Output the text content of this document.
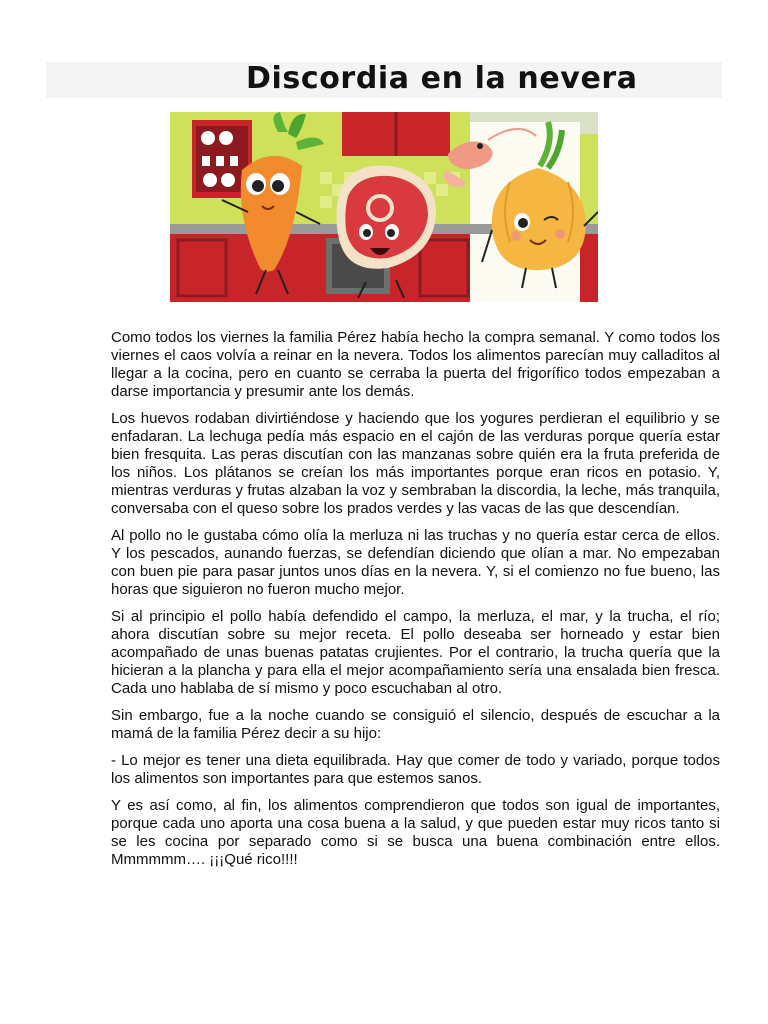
Discordia en la nevera

Como todos los viernes la familia Pérez había hecho la compra semanal. Y como todos los viernes el caos volvía a reinar en la nevera. Todos los alimentos parecían muy calladitos al llegar a la cocina, pero en cuanto se cerraba la puerta del frigorífico todos empezaban a darse importancia y presumir ante los demás.

Los huevos rodaban divirtiéndose y haciendo que los yogures perdieran el equilibrio y se enfadaran. La lechuga pedía más espacio en el cajón de las verduras porque quería estar bien fresquita. Las peras discutían con las manzanas sobre quién era la fruta preferida de los niños. Los plátanos se creían los más importantes porque eran ricos en potasio. Y, mientras verduras y frutas alzaban la voz y sembraban la discordia, la leche, más tranquila, conversaba con el queso sobre los prados verdes y las vacas de las que descendían.

Al pollo no le gustaba cómo olía la merluza ni las truchas y no quería estar cerca de ellos. Y los pescados, aunando fuerzas, se defendían diciendo que olían a mar. No empezaban con buen pie para pasar juntos unos días en la nevera. Y, si el comienzo no fue bueno, las horas que siguieron no fueron mucho mejor.

Si al principio el pollo había defendido el campo, la merluza, el mar, y la trucha, el río; ahora discutían sobre su mejor receta. El pollo deseaba ser horneado y estar bien acompañado de unas buenas patatas crujientes. Por el contrario, la trucha quería que la hicieran a la plancha y para ella el mejor acompañamiento sería una ensalada bien fresca. Cada uno hablaba de sí mismo y poco escuchaban al otro.

Sin embargo, fue a la noche cuando se consiguió el silencio, después de escuchar a la mamá de la familia Pérez decir a su hijo:

- Lo mejor es tener una dieta equilibrada. Hay que comer de todo y variado, porque todos los alimentos son importantes para que estemos sanos.

Y es así como, al fin, los alimentos comprendieron que todos son igual de importantes, porque cada uno aporta una cosa buena a la salud, y que pueden estar muy ricos tanto si se les cocina por separado como si se busca una buena combinación entre ellos. Mmmmmm…. ¡¡¡Qué rico!!!!
